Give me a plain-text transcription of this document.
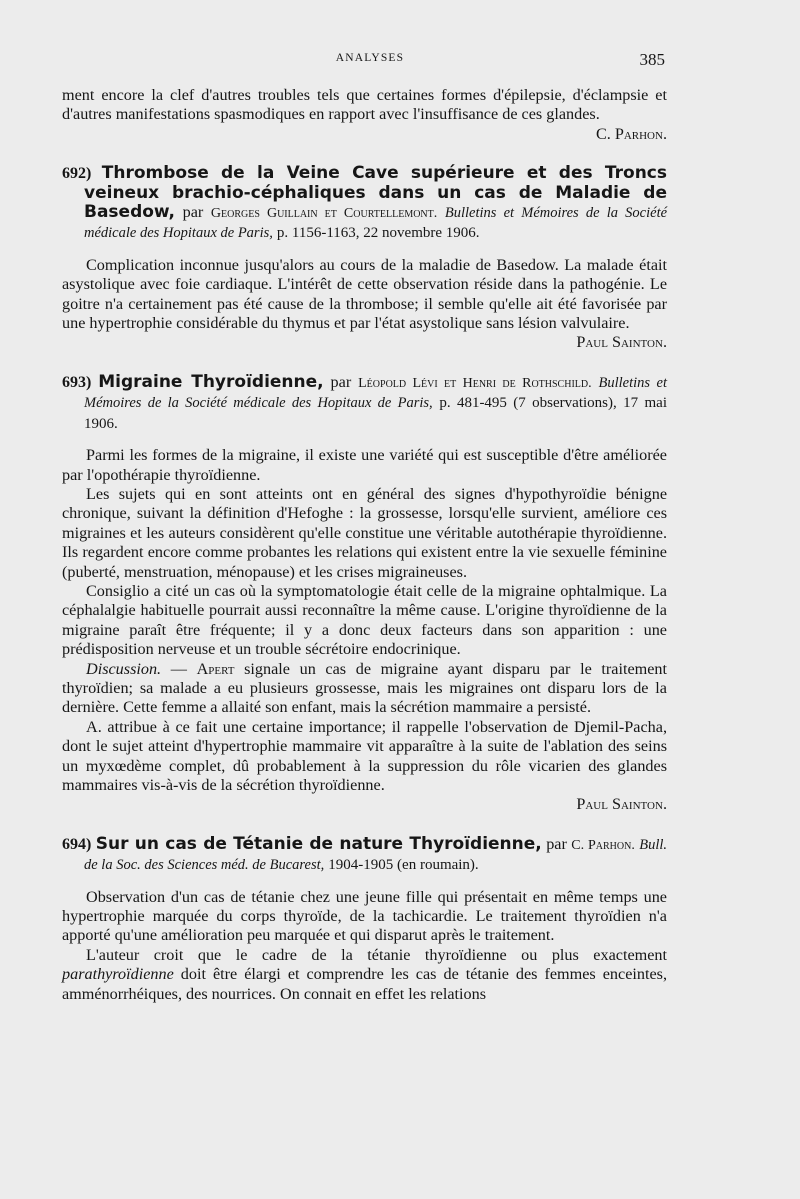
ANALYSES	385

ment encore la clef d'autres troubles tels que certaines formes d'épilepsie, d'éclampsie et d'autres manifestations spasmodiques en rapport avec l'insuffisance de ces glandes.

C. Parhon.

692) Thrombose de la Veine Cave supérieure et des Troncs veineux brachio-céphaliques dans un cas de Maladie de Basedow, par Georges Guillain et Courtellemont. Bulletins et Mémoires de la Société médicale des Hopitaux de Paris, p. 1156-1163, 22 novembre 1906.

Complication inconnue jusqu'alors au cours de la maladie de Basedow. La malade était asystolique avec foie cardiaque. L'intérêt de cette observation réside dans la pathogénie. Le goitre n'a certainement pas été cause de la thrombose; il semble qu'elle ait été favorisée par une hypertrophie considérable du thymus et par l'état asystolique sans lésion valvulaire.

Paul Sainton.

693) Migraine Thyroïdienne, par Léopold Lévi et Henri de Rothschild. Bulletins et Mémoires de la Société médicale des Hopitaux de Paris, p. 481-495 (7 observations), 17 mai 1906.

Parmi les formes de la migraine, il existe une variété qui est susceptible d'être améliorée par l'opothérapie thyroïdienne.

Les sujets qui en sont atteints ont en général des signes d'hypothyroïdie bénigne chronique, suivant la définition d'Hefoghe : la grossesse, lorsqu'elle survient, améliore ces migraines et les auteurs considèrent qu'elle constitue une véritable autothérapie thyroïdienne. Ils regardent encore comme probantes les relations qui existent entre la vie sexuelle féminine (puberté, menstruation, ménopause) et les crises migraineuses.

Consiglio a cité un cas où la symptomatologie était celle de la migraine ophtalmique. La céphalalgie habituelle pourrait aussi reconnaître la même cause. L'origine thyroïdienne de la migraine paraît être fréquente; il y a donc deux facteurs dans son apparition : une prédisposition nerveuse et un trouble sécrétoire endocrinique.

Discussion. — Apert signale un cas de migraine ayant disparu par le traitement thyroïdien; sa malade a eu plusieurs grossesse, mais les migraines ont disparu lors de la dernière. Cette femme a allaité son enfant, mais la sécrétion mammaire a persisté.

A. attribue à ce fait une certaine importance; il rappelle l'observation de Djemil-Pacha, dont le sujet atteint d'hypertrophie mammaire vit apparaître à la suite de l'ablation des seins un myxœdème complet, dû probablement à la suppression du rôle vicarien des glandes mammaires vis-à-vis de la sécrétion thyroïdienne.

Paul Sainton.

694) Sur un cas de Tétanie de nature Thyroïdienne, par C. Parhon. Bull. de la Soc. des Sciences méd. de Bucarest, 1904-1905 (en roumain).

Observation d'un cas de tétanie chez une jeune fille qui présentait en même temps une hypertrophie marquée du corps thyroïde, de la tachicardie. Le traitement thyroïdien n'a apporté qu'une amélioration peu marquée et qui disparut après le traitement.

L'auteur croit que le cadre de la tétanie thyroïdienne ou plus exactement parathyroïdienne doit être élargi et comprendre les cas de tétanie des femmes enceintes, amménorrhéiques, des nourrices. On connait en effet les relations
